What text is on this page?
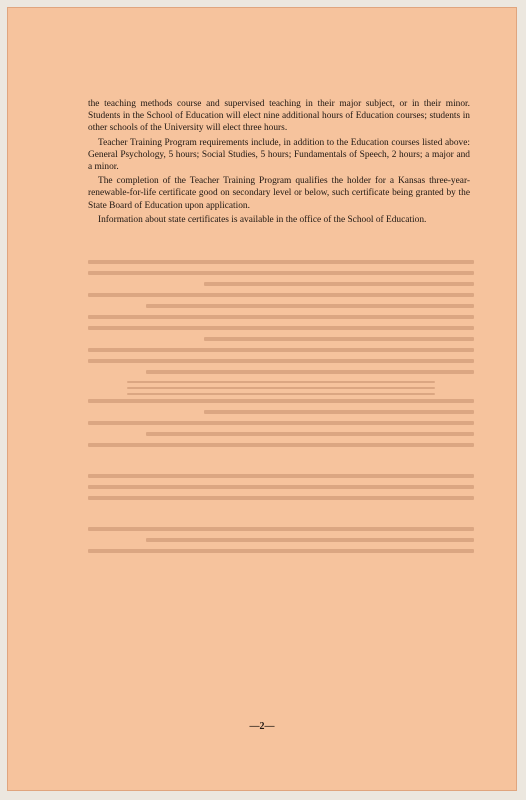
the teaching methods course and supervised teaching in their major subject, or in their minor. Students in the School of Education will elect nine additional hours of Education courses; students in other schools of the University will elect three hours.

Teacher Training Program requirements include, in addition to the Education courses listed above: General Psychology, 5 hours; Social Studies, 5 hours; Fundamentals of Speech, 2 hours; a major and a minor.

The completion of the Teacher Training Program qualifies the holder for a Kansas three-year-renewable-for-life certificate good on secondary level or below, such certificate being granted by the State Board of Education upon application.

Information about state certificates is available in the office of the School of Education.

—2—
